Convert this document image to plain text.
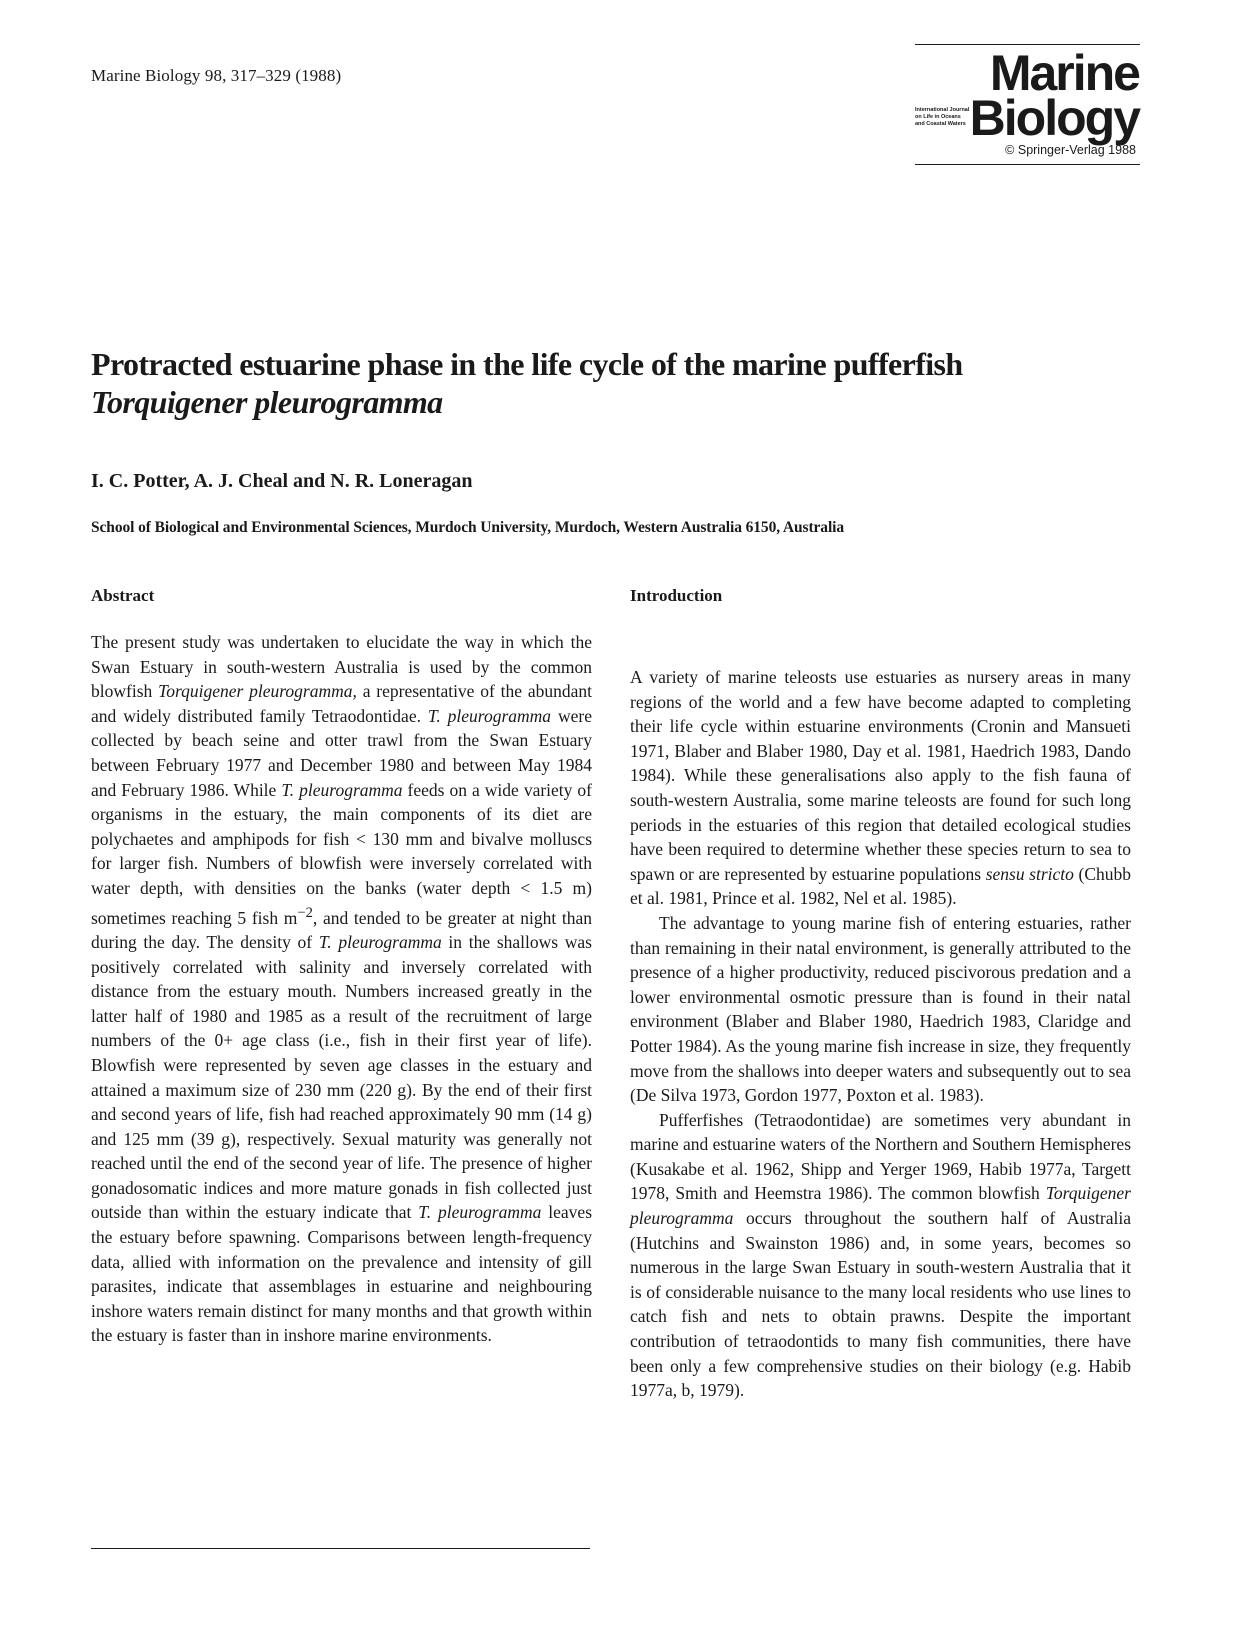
Marine Biology 98, 317–329 (1988)	Marine
International Journal
on Life in Oceans
and Coastal Waters Biology
© Springer-Verlag 1988
Protracted estuarine phase in the life cycle of the marine pufferfish
Torquigener pleurogramma
I. C. Potter, A. J. Cheal and N. R. Loneragan
School of Biological and Environmental Sciences, Murdoch University, Murdoch, Western Australia 6150, Australia
Abstract	Introduction

The present study was undertaken to elucidate the way in which the Swan Estuary in south-western Australia is used by the common blowfish Torquigener pleurogramma, a representative of the abundant and widely distributed family Tetraodontidae. T. pleurogramma were collected by beach seine and otter trawl from the Swan Estuary between February 1977 and December 1980 and between May 1984 and February 1986. While T. pleurogramma feeds on a wide variety of organisms in the estuary, the main components of its diet are polychaetes and amphipods for fish < 130 mm and bivalve molluscs for larger fish. Numbers of blowfish were inversely correlated with water depth, with densities on the banks (water depth < 1.5 m) sometimes reaching 5 fish $m^{-2}$, and tended to be greater at night than during the day. The density of T. pleurogramma in the shallows was positively correlated with salinity and inversely correlated with distance from the estuary mouth. Numbers increased greatly in the latter half of 1980 and 1985 as a result of the recruitment of large numbers of the 0+ age class (i.e., fish in their first year of life). Blowfish were represented by seven age classes in the estuary and attained a maximum size of 230 mm (220 g). By the end of their first and second years of life, fish had reached approximately 90 mm (14 g) and 125 mm (39 g), respectively. Sexual maturity was generally not reached until the end of the second year of life. The presence of higher gonadosomatic indices and more mature gonads in fish collected just outside than within the estuary indicate that T. pleurogramma leaves the estuary before spawning. Comparisons between length-frequency data, allied with information on the prevalence and intensity of gill parasites, indicate that assemblages in estuarine and neighbouring inshore waters remain distinct for many months and that growth within the estuary is faster than in inshore marine environments.

A variety of marine teleosts use estuaries as nursery areas in many regions of the world and a few have become adapted to completing their life cycle within estuarine environments (Cronin and Mansueti 1971, Blaber and Blaber 1980, Day et al. 1981, Haedrich 1983, Dando 1984). While these generalisations also apply to the fish fauna of south-western Australia, some marine teleosts are found for such long periods in the estuaries of this region that detailed ecological studies have been required to determine whether these species return to sea to spawn or are represented by estuarine populations sensu stricto (Chubb et al. 1981, Prince et al. 1982, Nel et al. 1985).

The advantage to young marine fish of entering estuaries, rather than remaining in their natal environment, is generally attributed to the presence of a higher productivity, reduced piscivorous predation and a lower environmental osmotic pressure than is found in their natal environment (Blaber and Blaber 1980, Haedrich 1983, Claridge and Potter 1984). As the young marine fish increase in size, they frequently move from the shallows into deeper waters and subsequently out to sea (De Silva 1973, Gordon 1977, Poxton et al. 1983).

Pufferfishes (Tetraodontidae) are sometimes very abundant in marine and estuarine waters of the Northern and Southern Hemispheres (Kusakabe et al. 1962, Shipp and Yerger 1969, Habib 1977a, Targett 1978, Smith and Heemstra 1986). The common blowfish Torquigener pleurogramma occurs throughout the southern half of Australia (Hutchins and Swainston 1986) and, in some years, becomes so numerous in the large Swan Estuary in south-western Australia that it is of considerable nuisance to the many local residents who use lines to catch fish and nets to obtain prawns. Despite the important contribution of tetraodontids to many fish communities, there have been only a few comprehensive studies on their biology (e.g. Habib 1977a, b, 1979).
